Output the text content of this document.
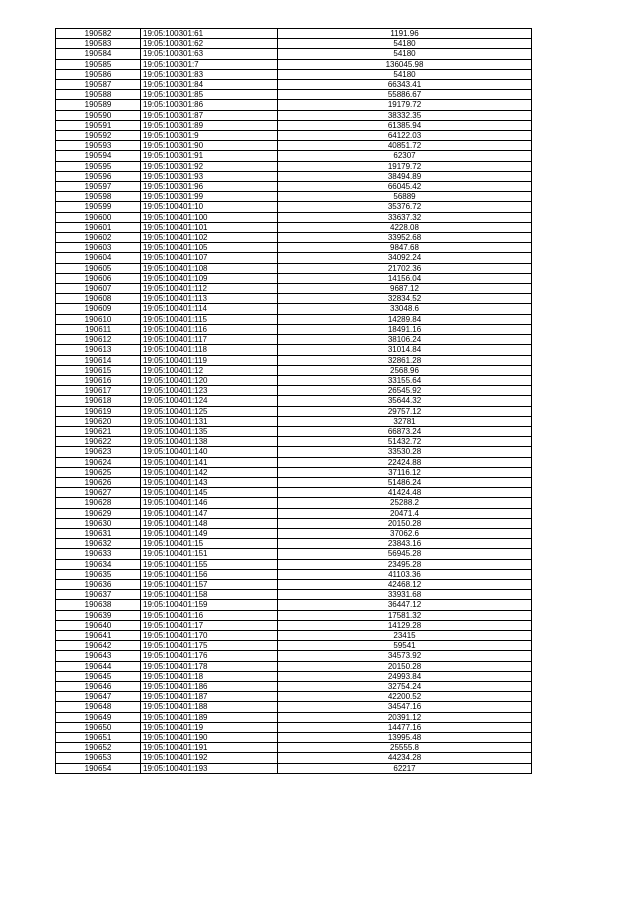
190582	19:05:100301:61	1191.96
190583	19:05:100301:62	54180
190584	19:05:100301:63	54180
190585	19:05:100301:7	136045.98
190586	19:05:100301:83	54180
190587	19:05:100301:84	66343.41
190588	19:05:100301:85	55886.67
190589	19:05:100301:86	19179.72
190590	19:05:100301:87	38332.35
190591	19:05:100301:89	61385.94
190592	19:05:100301:9	64122.03
190593	19:05:100301:90	40851.72
190594	19:05:100301:91	62307
190595	19:05:100301:92	19179.72
190596	19:05:100301:93	38494.89
190597	19:05:100301:96	66045.42
190598	19:05:100301:99	56889
190599	19:05:100401:10	35376.72
190600	19:05:100401:100	33637.32
190601	19:05:100401:101	4228.08
190602	19:05:100401:102	33952.68
190603	19:05:100401:105	9847.68
190604	19:05:100401:107	34092.24
190605	19:05:100401:108	21702.36
190606	19:05:100401:109	14156.04
190607	19:05:100401:112	9687.12
190608	19:05:100401:113	32834.52
190609	19:05:100401:114	33048.6
190610	19:05:100401:115	14289.84
190611	19:05:100401:116	18491.16
190612	19:05:100401:117	38106.24
190613	19:05:100401:118	31014.84
190614	19:05:100401:119	32861.28
190615	19:05:100401:12	2568.96
190616	19:05:100401:120	33155.64
190617	19:05:100401:123	26545.92
190618	19:05:100401:124	35644.32
190619	19:05:100401:125	29757.12
190620	19:05:100401:131	32781
190621	19:05:100401:135	66873.24
190622	19:05:100401:138	51432.72
190623	19:05:100401:140	33530.28
190624	19:05:100401:141	22424.88
190625	19:05:100401:142	37116.12
190626	19:05:100401:143	51486.24
190627	19:05:100401:145	41424.48
190628	19:05:100401:146	25288.2
190629	19:05:100401:147	20471.4
190630	19:05:100401:148	20150.28
190631	19:05:100401:149	37062.6
190632	19:05:100401:15	23843.16
190633	19:05:100401:151	56945.28
190634	19:05:100401:155	23495.28
190635	19:05:100401:156	41103.36
190636	19:05:100401:157	42468.12
190637	19:05:100401:158	33931.68
190638	19:05:100401:159	36447.12
190639	19:05:100401:16	17581.32
190640	19:05:100401:17	14129.28
190641	19:05:100401:170	23415
190642	19:05:100401:175	59541
190643	19:05:100401:176	34573.92
190644	19:05:100401:178	20150.28
190645	19:05:100401:18	24993.84
190646	19:05:100401:186	32754.24
190647	19:05:100401:187	42200.52
190648	19:05:100401:188	34547.16
190649	19:05:100401:189	20391.12
190650	19:05:100401:19	14477.16
190651	19:05:100401:190	13995.48
190652	19:05:100401:191	25555.8
190653	19:05:100401:192	44234.28
190654	19:05:100401:193	62217
